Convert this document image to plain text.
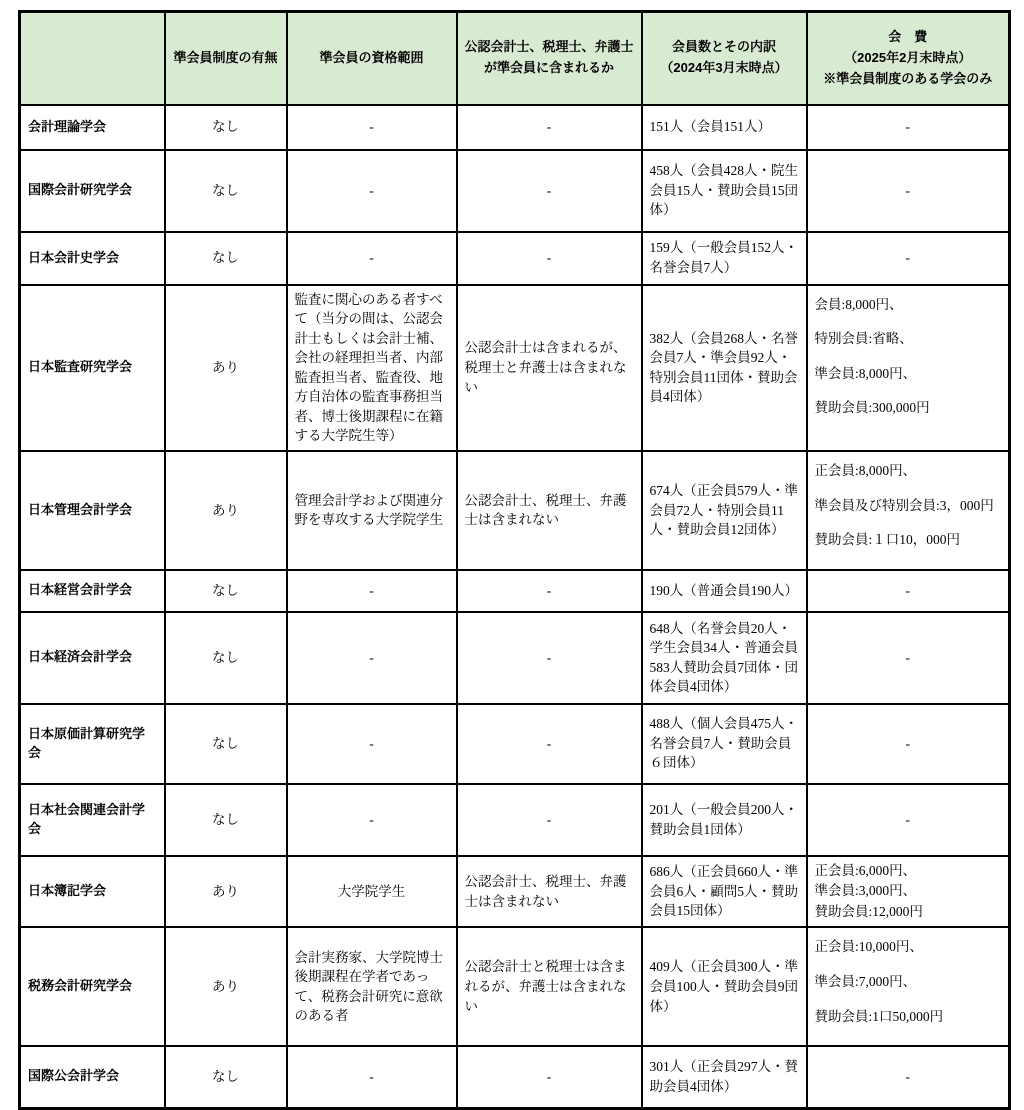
	準会員制度の有無	準会員の資格範囲	公認会計士、税理士、弁護士
が準会員に含まれるか	会員数とその内訳
（2024年3月末時点）	会　費
（2025年2月末時点）
※準会員制度のある学会のみ
会計理論学会	なし	-	-	151人（会員151人）	-

国際会計研究学会	なし	-	-	458人（会員428人・院生会員15人・賛助会員15団体）	-

日本会計史学会	なし	-	-	159人（一般会員152人・名誉会員7人）	-

日本監査研究学会	あり	監査に関心のある者すべて（当分の間は、公認会計士もしくは会計士補、会社の経理担当者、内部監査担当者、監査役、地方自治体の監査事務担当者、博士後期課程に在籍する大学院生等）	公認会計士は含まれるが、税理士と弁護士は含まれない	382人（会員268人・名誉会員7人・準会員92人・特別会員11団体・賛助会員4団体）	会員:8,000円、
特別会員:省略、
準会員:8,000円、
賛助会員:300,000円

日本管理会計学会	あり	管理会計学および関連分野を専攻する大学院学生	公認会計士、税理士、弁護士は含まれない	674人（正会員579人・準会員72人・特別会員11人・賛助会員12団体）	正会員:8,000円、
準会員及び特別会員:3，000円
賛助会員:１口10，000円

日本経営会計学会	なし	-	-	190人（普通会員190人）	-

日本経済会計学会	なし	-	-	648人（名誉会員20人・学生会員34人・普通会員583人賛助会員7団体・団体会員4団体）	-

日本原価計算研究学会	なし	-	-	488人（個人会員475人・名誉会員7人・賛助会員６団体）	-

日本社会関連会計学会	なし	-	-	201人（一般会員200人・賛助会員1団体）	-

日本簿記学会	あり	大学院学生	公認会計士、税理士、弁護士は含まれない	686人（正会員660人・準会員6人・顧問5人・賛助会員15団体）	正会員:6,000円、
準会員:3,000円、
賛助会員:12,000円

税務会計研究学会	あり	会計実務家、大学院博士後期課程在学者であって、税務会計研究に意欲のある者	公認会計士と税理士は含まれるが、弁護士は含まれない	409人（正会員300人・準会員100人・賛助会員9団体）	正会員:10,000円、
準会員:7,000円、
賛助会員:1口50,000円

国際公会計学会	なし	-	-	301人（正会員297人・賛助会員4団体）	-
